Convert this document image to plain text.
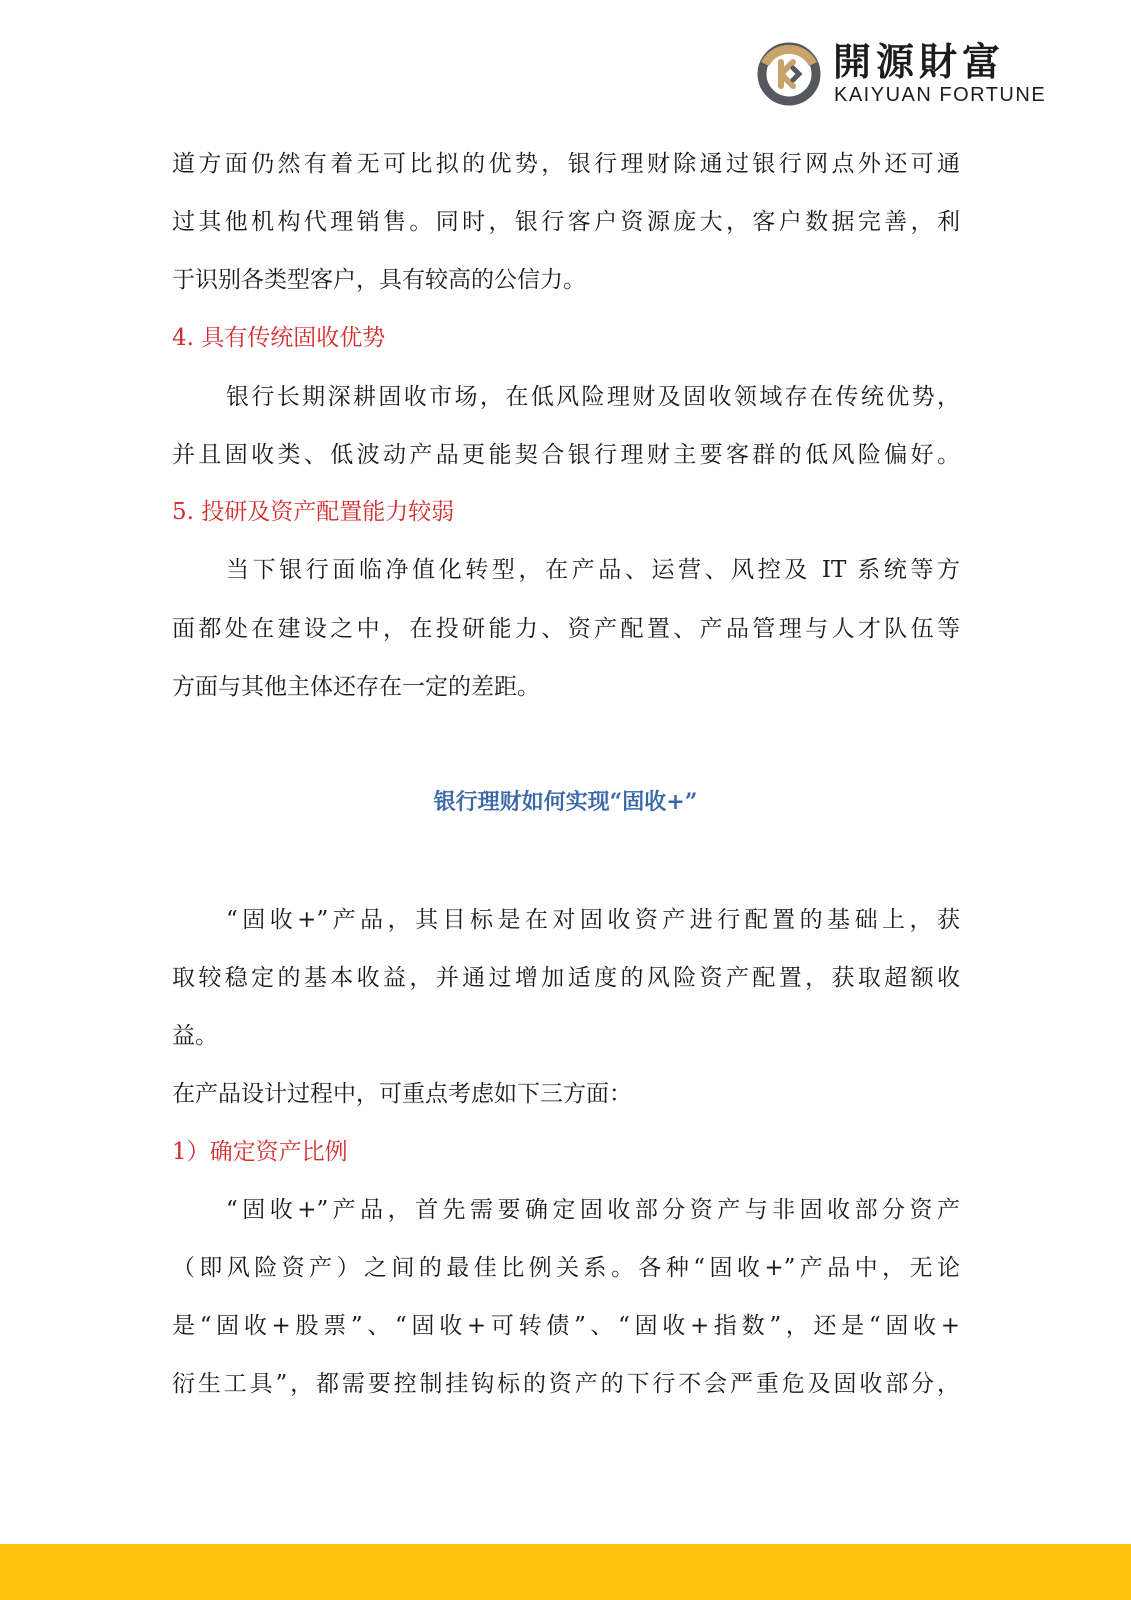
開源財富
KAIYUAN FORTUNE
道方面仍然有着无可比拟的优势，银行理财除通过银行网点外还可通
过其他机构代理销售。同时，银行客户资源庞大，客户数据完善，利
于识别各类型客户，具有较高的公信力。
4. 具有传统固收优势
银行长期深耕固收市场，在低风险理财及固收领域存在传统优势，
并且固收类、低波动产品更能契合银行理财主要客群的低风险偏好。
5. 投研及资产配置能力较弱
当下银行面临净值化转型，在产品、运营、风控及 IT 系统等方
面都处在建设之中，在投研能力、资产配置、产品管理与人才队伍等
方面与其他主体还存在一定的差距。
银行理财如何实现“固收+”
“固收+”产品，其目标是在对固收资产进行配置的基础上，获
取较稳定的基本收益，并通过增加适度的风险资产配置，获取超额收
益。
在产品设计过程中，可重点考虑如下三方面：
1）确定资产比例
“固收+”产品，首先需要确定固收部分资产与非固收部分资产
（即风险资产）之间的最佳比例关系。各种“固收+”产品中，无论
是“固收+股票”、“固收+可转债”、“固收+指数”，还是“固收+
衍生工具”，都需要控制挂钩标的资产的下行不会严重危及固收部分，
